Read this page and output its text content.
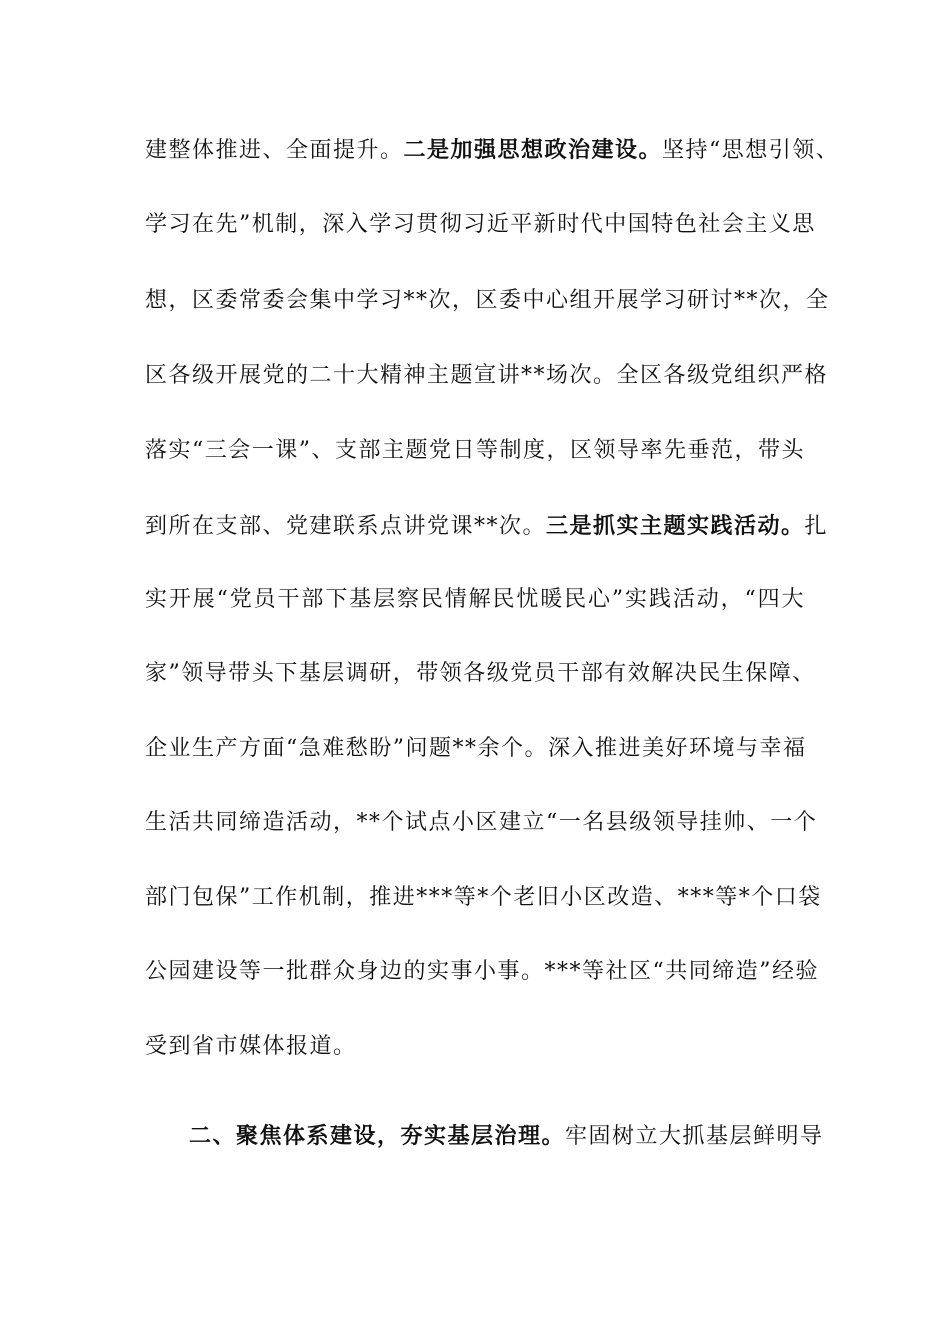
建整体推进、全面提升。二是加强思想政治建设。坚持“思想引领、
学习在先”机制，深入学习贯彻习近平新时代中国特色社会主义思
想，区委常委会集中学习**次，区委中心组开展学习研讨**次，全
区各级开展党的二十大精神主题宣讲**场次。全区各级党组织严格
落实“三会一课”、支部主题党日等制度，区领导率先垂范，带头
到所在支部、党建联系点讲党课**次。三是抓实主题实践活动。扎
实开展“党员干部下基层察民情解民忧暖民心”实践活动，“四大
家”领导带头下基层调研，带领各级党员干部有效解决民生保障、
企业生产方面“急难愁盼”问题**余个。深入推进美好环境与幸福
生活共同缔造活动，**个试点小区建立“一名县级领导挂帅、一个
部门包保”工作机制，推进***等*个老旧小区改造、***等*个口袋
公园建设等一批群众身边的实事小事。***等社区“共同缔造”经验
受到省市媒体报道。
二、聚焦体系建设，夯实基层治理。牢固树立大抓基层鲜明导
